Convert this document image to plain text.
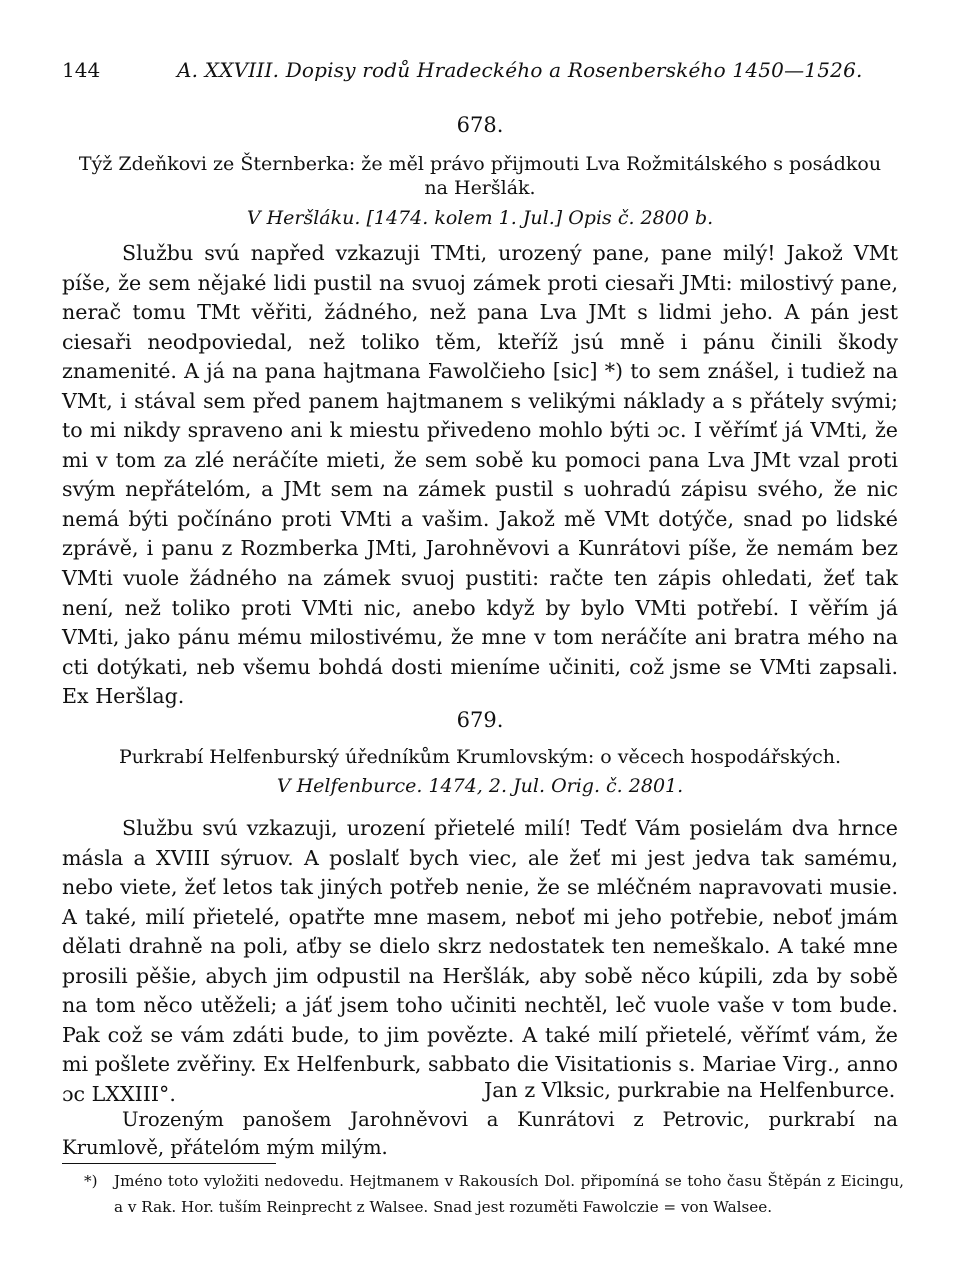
144	A. XXVIII. Dopisy rodů Hradeckého a Rosenberského 1450—1526.
678.
Týž Zdeňkovi ze Šternberka: že měl právo přijmouti Lva Rožmitálského s posádkou
na Heršlák.
V Heršláku. [1474. kolem 1. Jul.] Opis č. 2800 b.

Službu svú napřed vzkazuji TMti, urozený pane, pane milý! Jakož VMt píše, že sem nějaké lidi pustil na svuoj zámek proti ciesaři JMti: milostivý pane, nerač tomu TMt věřiti, žádného, než pana Lva JMt s lidmi jeho. A pán jest ciesaři neodpoviedal, než toliko těm, kteříž jsú mně i pánu činili škody znamenité. A já na pana hajtmana Fawolčieho [sic] *) to sem znášel, i tudiež na VMt, i stával sem před panem hajtmanem s velikými náklady a s přátely svými; to mi nikdy spraveno ani k miestu přivedeno mohlo býti ɔc. I věřímť já VMti, že mi v tom za zlé neráčíte mieti, že sem sobě ku pomoci pana Lva JMt vzal proti svým nepřátelóm, a JMt sem na zámek pustil s uohradú zápisu svého, že nic nemá býti počínáno proti VMti a vašim. Jakož mě VMt dotýče, snad po lidské zprávě, i panu z Rozmberka JMti, Jarohněvovi a Kunrátovi píše, že nemám bez VMti vuole žádného na zámek svuoj pustiti: račte ten zápis ohledati, žeť tak není, než toliko proti VMti nic, anebo když by bylo VMti potřebí. I věřím já VMti, jako pánu mému milostivému, že mne v tom neráčíte ani bratra mého na cti dotýkati, neb všemu bohdá dosti mieníme učiniti, což jsme se VMti zapsali. Ex Heršlag.

679.
Purkrabí Helfenburský úředníkům Krumlovským: o věcech hospodářských.
V Helfenburce. 1474, 2. Jul. Orig. č. 2801.

Službu svú vzkazuji, urození přietelé milí! Tedť Vám posielám dva hrnce másla a XVIII sýruov. A poslalť bych viec, ale žeť mi jest jedva tak samému, nebo viete, žeť letos tak jiných potřeb nenie, že se mléčném napravovati musie. A také, milí přietelé, opatřte mne masem, neboť mi jeho potřebie, neboť jmám dělati drahně na poli, aťby se dielo skrz nedostatek ten nemeškalo. A také mne prosili pěšie, abych jim odpustil na Heršlák, aby sobě něco kúpili, zda by sobě na tom něco utěželi; a jáť jsem toho učiniti nechtěl, leč vuole vaše v tom bude. Pak což se vám zdáti bude, to jim povězte. A také milí přietelé, věřímť vám, že mi pošlete zvěřiny. Ex Helfenburk, sabbato die Visitationis s. Mariae Virg., anno ɔc LXXIII°.	Jan z Vlksic, purkrabie na Helfenburce.

Urozeným panošem Jarohněvovi a Kunrátovi z Petrovic, purkrabí na Krumlově, přátelóm mým milým.

*) Jméno toto vyložiti nedovedu. Hejtmanem v Rakousích Dol. připomíná se toho času Štěpán z Eicingu, a v Rak. Hor. tuším Reinprecht z Walsee. Snad jest rozuměti Fawolczie = von Walsee.
